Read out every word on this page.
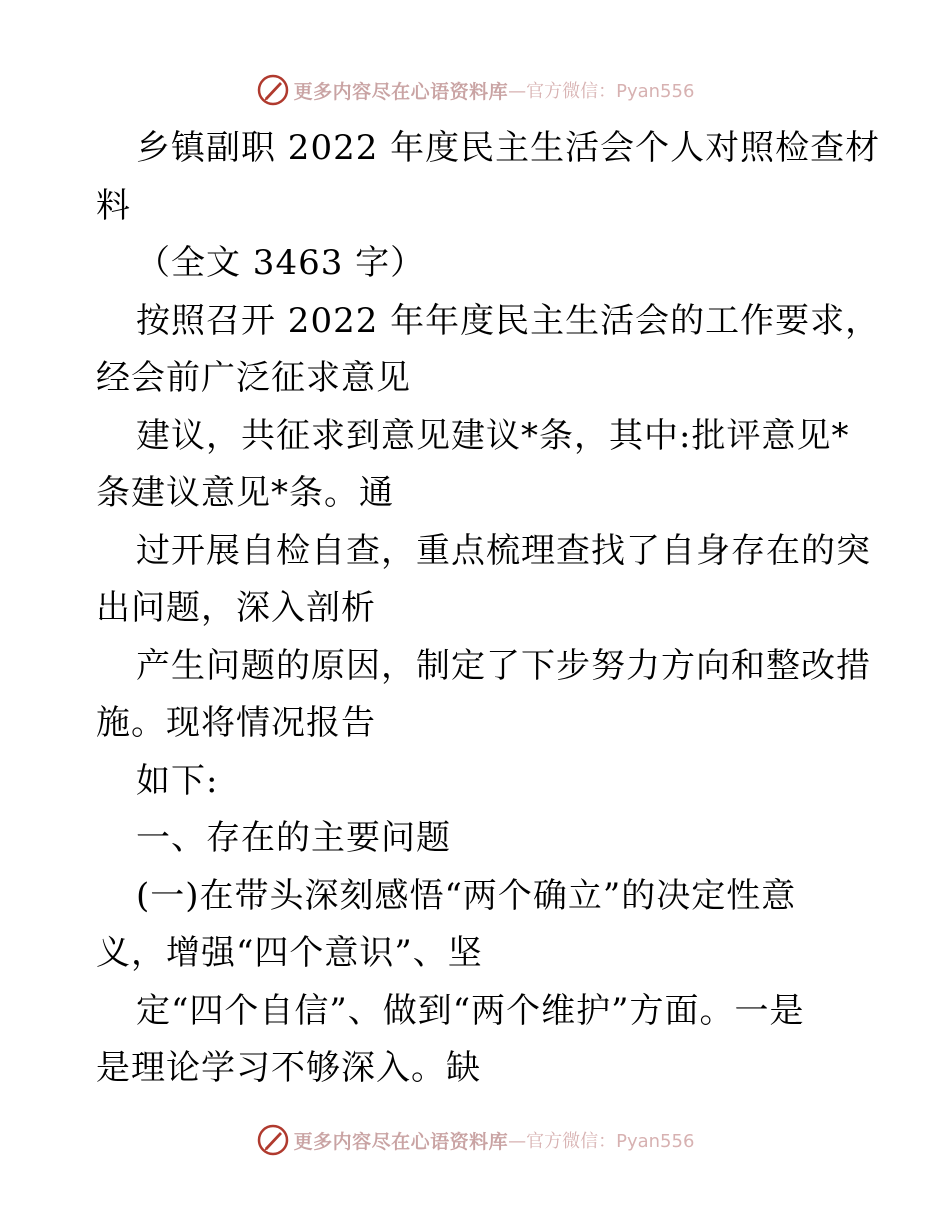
更多内容尽在心语资料库 —官方微信：Pyan556
乡镇副职 2022 年度民主生活会个人对照检查材
料
（全文 3463 字）
按照召开 2022 年年度民主生活会的工作要求，
经会前广泛征求意见
建议，共征求到意见建议*条，其中:批评意见*
条建议意见*条。通
过开展自检自查，重点梳理查找了自身存在的突
出问题，深入剖析
产生问题的原因，制定了下步努力方向和整改措
施。现将情况报告
如下:
一、存在的主要问题
(一)在带头深刻感悟“两个确立”的决定性意
义，增强“四个意识”、坚
定“四个自信”、做到“两个维护”方面。一是
是理论学习不够深入。缺
更多内容尽在心语资料库 —官方微信：Pyan556
